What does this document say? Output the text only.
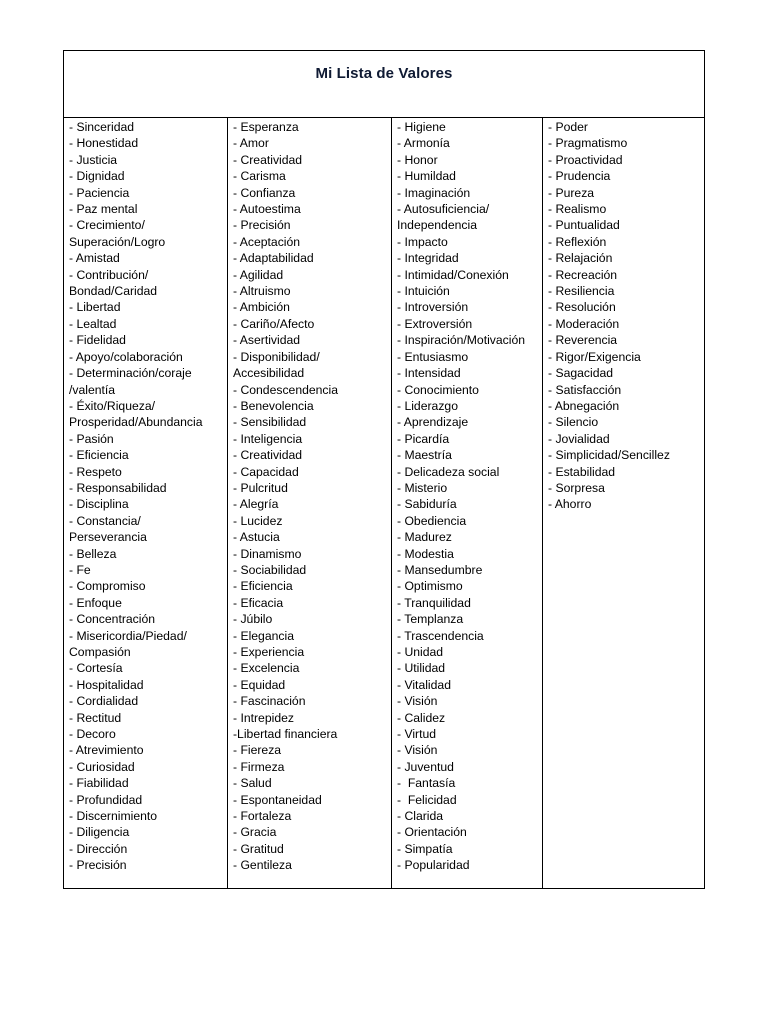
Mi Lista de Valores
- Sinceridad
- Honestidad
- Justicia
- Dignidad
- Paciencia
- Paz mental
- Crecimiento/
Superación/Logro
- Amistad
- Contribución/
Bondad/Caridad
- Libertad
- Lealtad
- Fidelidad
- Apoyo/colaboración
- Determinación/coraje
/valentía
- Éxito/Riqueza/
Prosperidad/Abundancia
- Pasión
- Eficiencia
- Respeto
- Responsabilidad
- Disciplina
- Constancia/
Perseverancia
- Belleza
- Fe
- Compromiso
- Enfoque
- Concentración
- Misericordia/Piedad/
Compasión
- Cortesía
- Hospitalidad
- Cordialidad
- Rectitud
- Decoro
- Atrevimiento
- Curiosidad
- Fiabilidad
- Profundidad
- Discernimiento
- Diligencia
- Dirección
- Precisión
- Esperanza
- Amor
- Creatividad
- Carisma
- Confianza
- Autoestima
- Precisión
- Aceptación
- Adaptabilidad
- Agilidad
- Altruismo
- Ambición
- Cariño/Afecto
- Asertividad
- Disponibilidad/
Accesibilidad
- Condescendencia
- Benevolencia
- Sensibilidad
- Inteligencia
- Creatividad
- Capacidad
- Pulcritud
- Alegría
- Lucidez
- Astucia
- Dinamismo
- Sociabilidad
- Eficiencia
- Eficacia
- Júbilo
- Elegancia
- Experiencia
- Excelencia
- Equidad
- Fascinación
- Intrepidez
-Libertad financiera
- Fiereza
- Firmeza
- Salud
- Espontaneidad
- Fortaleza
- Gracia
- Gratitud
- Gentileza
- Higiene
- Armonía
- Honor
- Humildad
- Imaginación
- Autosuficiencia/
Independencia
- Impacto
- Integridad
- Intimidad/Conexión
- Intuición
- Introversión
- Extroversión
- Inspiración/Motivación
- Entusiasmo
- Intensidad
- Conocimiento
- Liderazgo
- Aprendizaje
- Picardía
- Maestría
- Delicadeza social
- Misterio
- Sabiduría
- Obediencia
- Madurez
- Modestia
- Mansedumbre
- Optimismo
- Tranquilidad
- Templanza
- Trascendencia
- Unidad
- Utilidad
- Vitalidad
- Visión
- Calidez
- Virtud
- Visión
- Juventud
-  Fantasía
-  Felicidad
- Clarida
- Orientación
- Simpatía
- Popularidad
- Poder
- Pragmatismo
- Proactividad
- Prudencia
- Pureza
- Realismo
- Puntualidad
- Reflexión
- Relajación
- Recreación
- Resiliencia
- Resolución
- Moderación
- Reverencia
- Rigor/Exigencia
- Sagacidad
- Satisfacción
- Abnegación
- Silencio
- Jovialidad
- Simplicidad/Sencillez
- Estabilidad
- Sorpresa
- Ahorro
